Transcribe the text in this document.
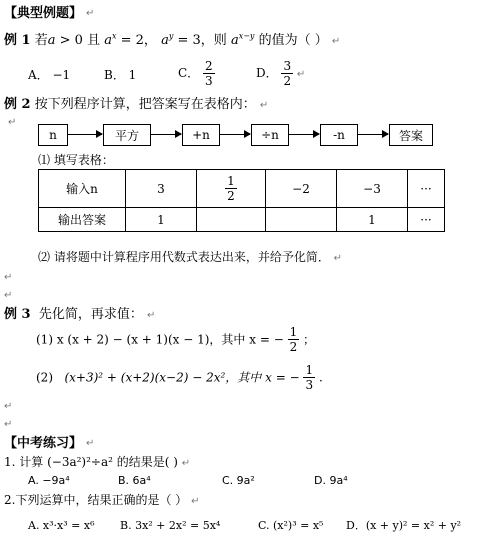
【典型例题】 ↵
例 1 若a > 0 且 $a^x = 2$， $a^y = 3$，则 $a^{x-y}$ 的值为（ ） ↵
A． −1	B． 1	C． $\frac{2}{3}$	D． $\frac{3}{2}$ ↵
例 2 按下列程序计算，把答案写在表格内： ↵
↵
n	平方	+n	÷n	-n	答案
⑴ 填写表格：
输入n	3	$\frac{1}{2}$	−2	−3	···
输出答案	1			1	···
⑵ 请将题中计算程序用代数式表达出来，并给予化简． ↵
↵
↵
例 3 先化简，再求值： ↵
(1) x (x + 2) − (x + 1)(x − 1)，其中 x = − $\frac{1}{2}$ ；
(2) (x+3)² + (x+2)(x−2) − 2x²，其中 x = − $\frac{1}{3}$ .
↵
↵
【中考练习】 ↵
1. 计算 (−3a²)²÷a² 的结果是( ) ↵
A. −9a⁴	B. 6a⁴	C. 9a²	D. 9a⁴
2.下列运算中，结果正确的是（ ） ↵
A. x³·x³ = x⁶ B. 3x² + 2x² = 5x⁴	C. (x²)³ = x⁵ D．(x + y)² = x² + y²
